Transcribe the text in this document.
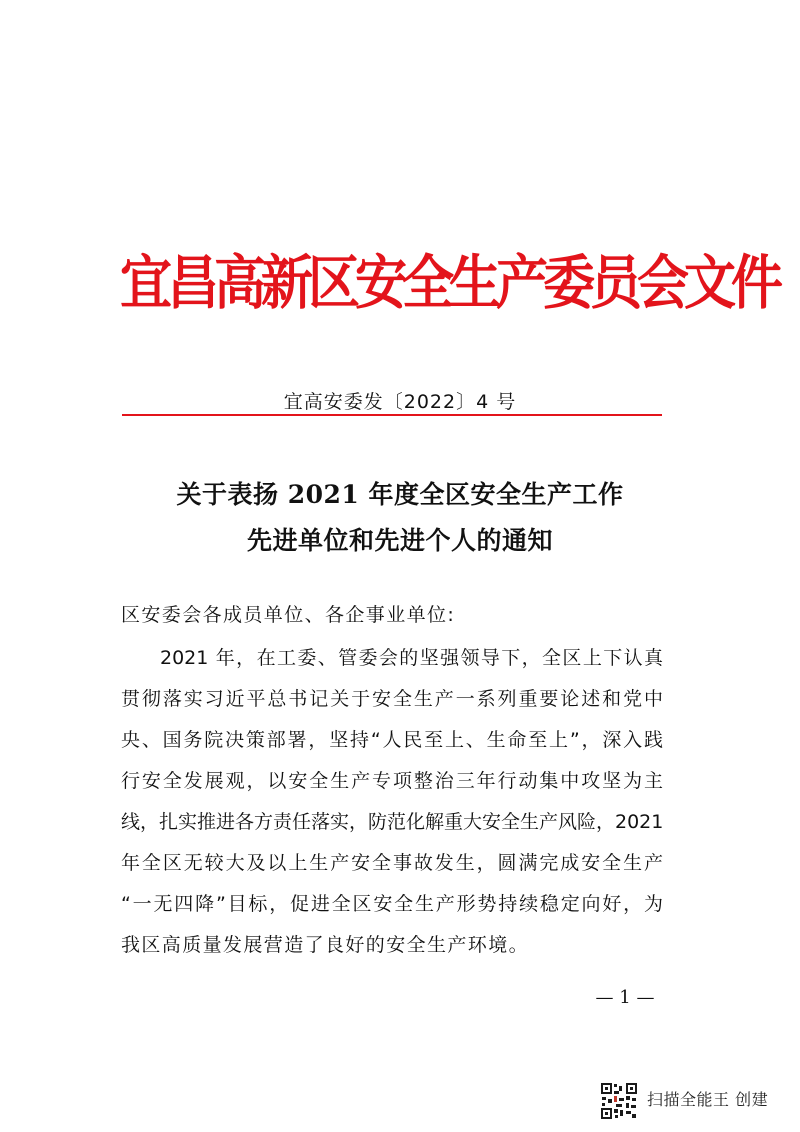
宜昌高新区安全生产委员会文件
宜高安委发〔2022〕4 号
关于表扬 2021 年度全区安全生产工作
先进单位和先进个人的通知
区安委会各成员单位、各企事业单位:
2021 年，在工委、管委会的坚强领导下，全区上下认真
贯彻落实习近平总书记关于安全生产一系列重要论述和党中
央、国务院决策部署，坚持“人民至上、生命至上”，深入践
行安全发展观，以安全生产专项整治三年行动集中攻坚为主
线，扎实推进各方责任落实，防范化解重大安全生产风险，2021
年全区无较大及以上生产安全事故发生，圆满完成安全生产
“一无四降”目标，促进全区安全生产形势持续稳定向好，为
我区高质量发展营造了良好的安全生产环境。
— 1 —
扫描全能王 创建
